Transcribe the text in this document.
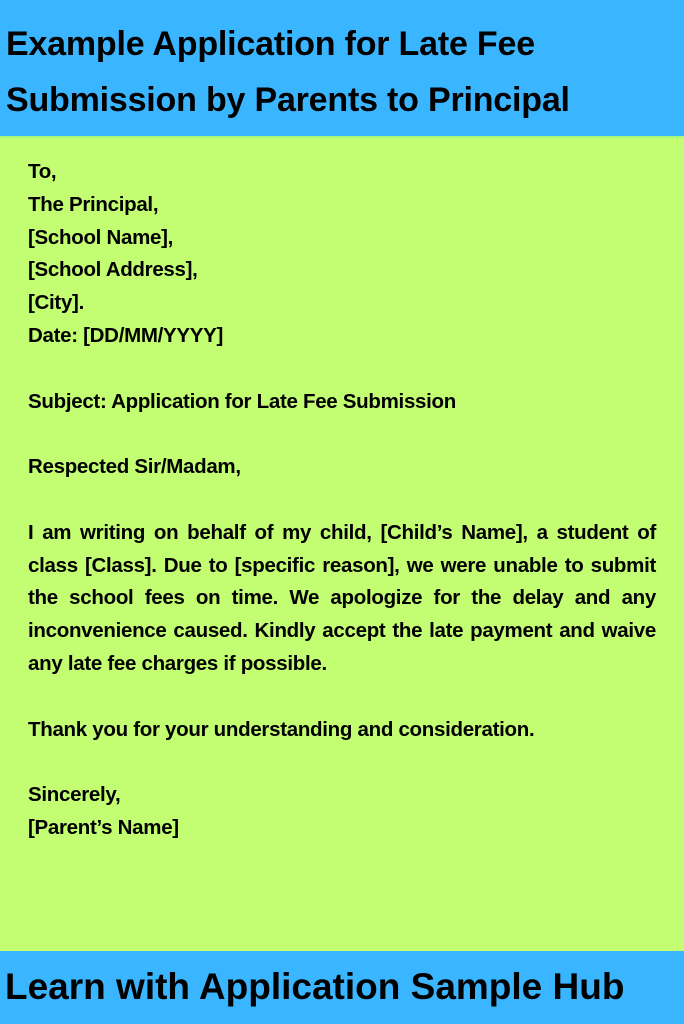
Example Application for Late Fee Submission by Parents to Principal
To,
The Principal,
[School Name],
[School Address],
[City].
Date: [DD/MM/YYYY]
Subject: Application for Late Fee Submission
Respected Sir/Madam,
I am writing on behalf of my child, [Child’s Name], a student of class [Class]. Due to [specific reason], we were unable to submit the school fees on time. We apologize for the delay and any inconvenience caused. Kindly accept the late payment and waive any late fee charges if possible.
Thank you for your understanding and consideration.
Sincerely,
[Parent’s Name]
Learn with Application Sample Hub
